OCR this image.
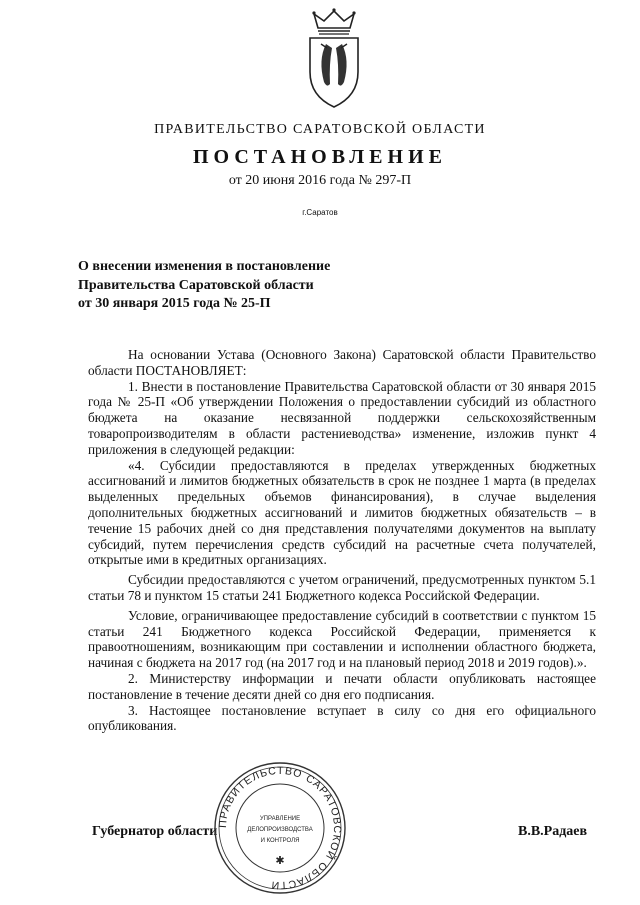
ПРАВИТЕЛЬСТВО САРАТОВСКОЙ ОБЛАСТИ
ПОСТАНОВЛЕНИЕ
от 20 июня 2016 года № 297-П
г.Саратов
О внесении изменения в постановление
Правительства Саратовской области
от 30 января 2015 года № 25-П

На основании Устава (Основного Закона) Саратовской области Правительство области ПОСТАНОВЛЯЕТ:

1. Внести в постановление Правительства Саратовской области от 30 января 2015 года № 25-П «Об утверждении Положения о предоставлении субсидий из областного бюджета на оказание несвязанной поддержки сельскохозяйственным товаропроизводителям в области растениеводства» изменение, изложив пункт 4 приложения в следующей редакции:

«4. Субсидии предоставляются в пределах утвержденных бюджетных ассигнований и лимитов бюджетных обязательств в срок не позднее 1 марта (в пределах выделенных предельных объемов финансирования), в случае выделения дополнительных бюджетных ассигнований и лимитов бюджетных обязательств – в течение 15 рабочих дней со дня представления получателями документов на выплату субсидий, путем перечисления средств субсидий на расчетные счета получателей, открытые ими в кредитных организациях.

Субсидии предоставляются с учетом ограничений, предусмотренных пунктом 5.1 статьи 78 и пунктом 15 статьи 241 Бюджетного кодекса Российской Федерации.

Условие, ограничивающее предоставление субсидий в соответствии с пунктом 15 статьи 241 Бюджетного кодекса Российской Федерации, применяется к правоотношениям, возникающим при составлении и исполнении областного бюджета, начиная с бюджета на 2017 год (на 2017 год и на плановый период 2018 и 2019 годов).».

2. Министерству информации и печати области опубликовать настоящее постановление в течение десяти дней со дня его подписания.

3. Настоящее постановление вступает в силу со дня его официального опубликования.

Губернатор области	В.В.Радаев
ПРАВИТЕЛЬСТВО САРАТОВСКОЙ ОБЛАСТИ
УПРАВЛЕНИЕ
ДЕЛОПРОИЗВОДСТВА
И КОНТРОЛЯ
✱
